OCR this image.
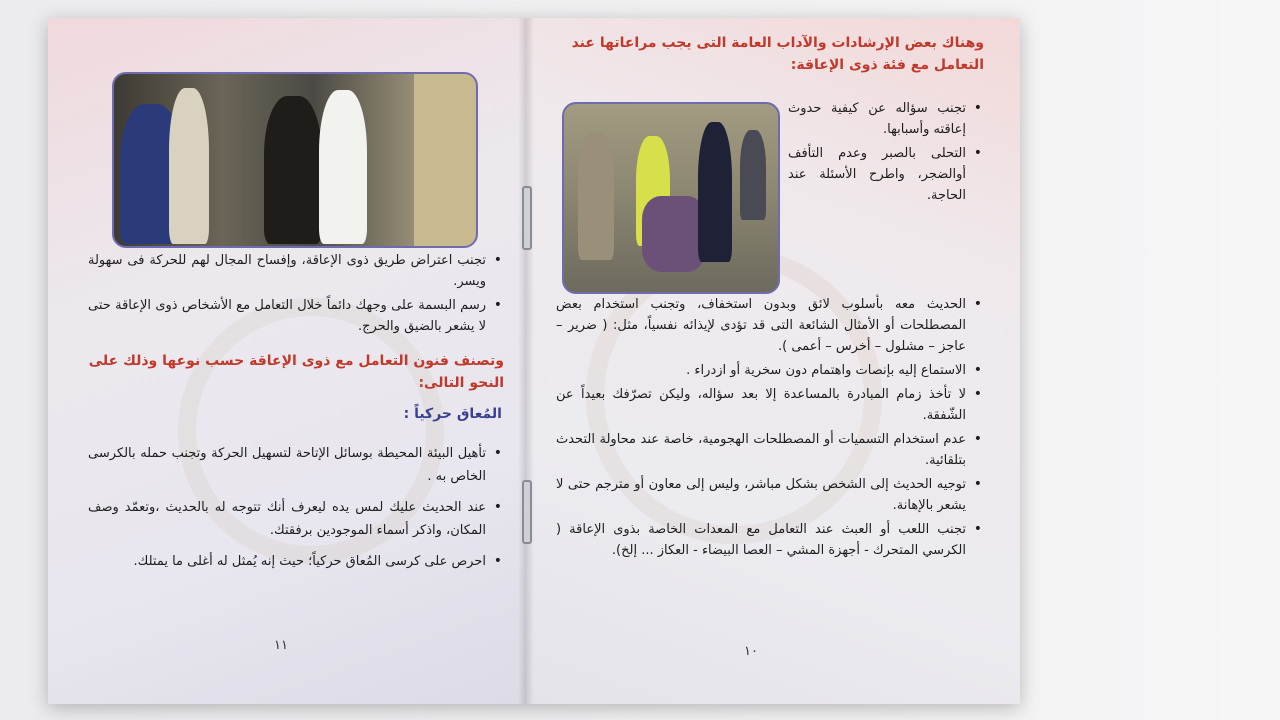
• تجنب اعتراض طريق ذوى الإعاقة، وإفساح المجال لهم للحركة فى سهولة ويسر.
• رسم البسمة على وجهك دائماً خلال التعامل مع الأشخاص ذوى الإعاقة حتى لا يشعر بالضيق والحرج.
وتصنف فنون التعامل مع ذوى الإعاقة حسب نوعها وذلك على النحو التالى:
المُعاق حركياً :
• تأهيل البيئة المحيطة بوسائل الإتاحة لتسهيل الحركة وتجنب حمله بالكرسى الخاص به .
• عند الحديث عليك لمس يده ليعرف أنك تتوجه له بالحديث ،وتعمّد وصف المكان، واذكر أسماء الموجودين برفقتك.
• احرص على كرسى المُعاق حركياً؛ حيث إنه يُمثل له أغلى ما يمتلك.
١١
وهناك بعض الإرشادات والآداب العامة التى يجب مراعاتها عند التعامل مع فئة ذوى الإعاقة:
• تجنب سؤاله عن كيفية حدوث إعاقته وأسبابها.
• التحلى بالصبر وعدم التأفف أوالضجر، واطرح الأسئلة عند الحاجة.
• الحديث معه بأسلوب لائق وبدون استخفاف، وتجنب استخدام بعض المصطلحات أو الأمثال الشائعة التى قد تؤدى لإيذائه نفسياً، مثل: ( ضرير – عاجز – مشلول – أخرس – أعمى ).
• الاستماع إليه بإنصات واهتمام دون سخرية أو ازدراء .
• لا تأخذ زمام المبادرة بالمساعدة إلا بعد سؤاله، وليكن تصرّفك بعيداً عن الشّفقة.
• عدم استخدام التسميات أو المصطلحات الهجومية، خاصة عند محاولة التحدث بتلقائية.
• توجيه الحديث إلى الشخص بشكل مباشر، وليس إلى معاون أو مترجم حتى لا يشعر بالإهانة.
• تجنب اللعب أو العبث عند التعامل مع المعدات الخاصة بذوى الإعاقة ( الكرسي المتحرك - أجهزة المشي – العصا البيضاء - العكاز ... إلخ).
١٠
